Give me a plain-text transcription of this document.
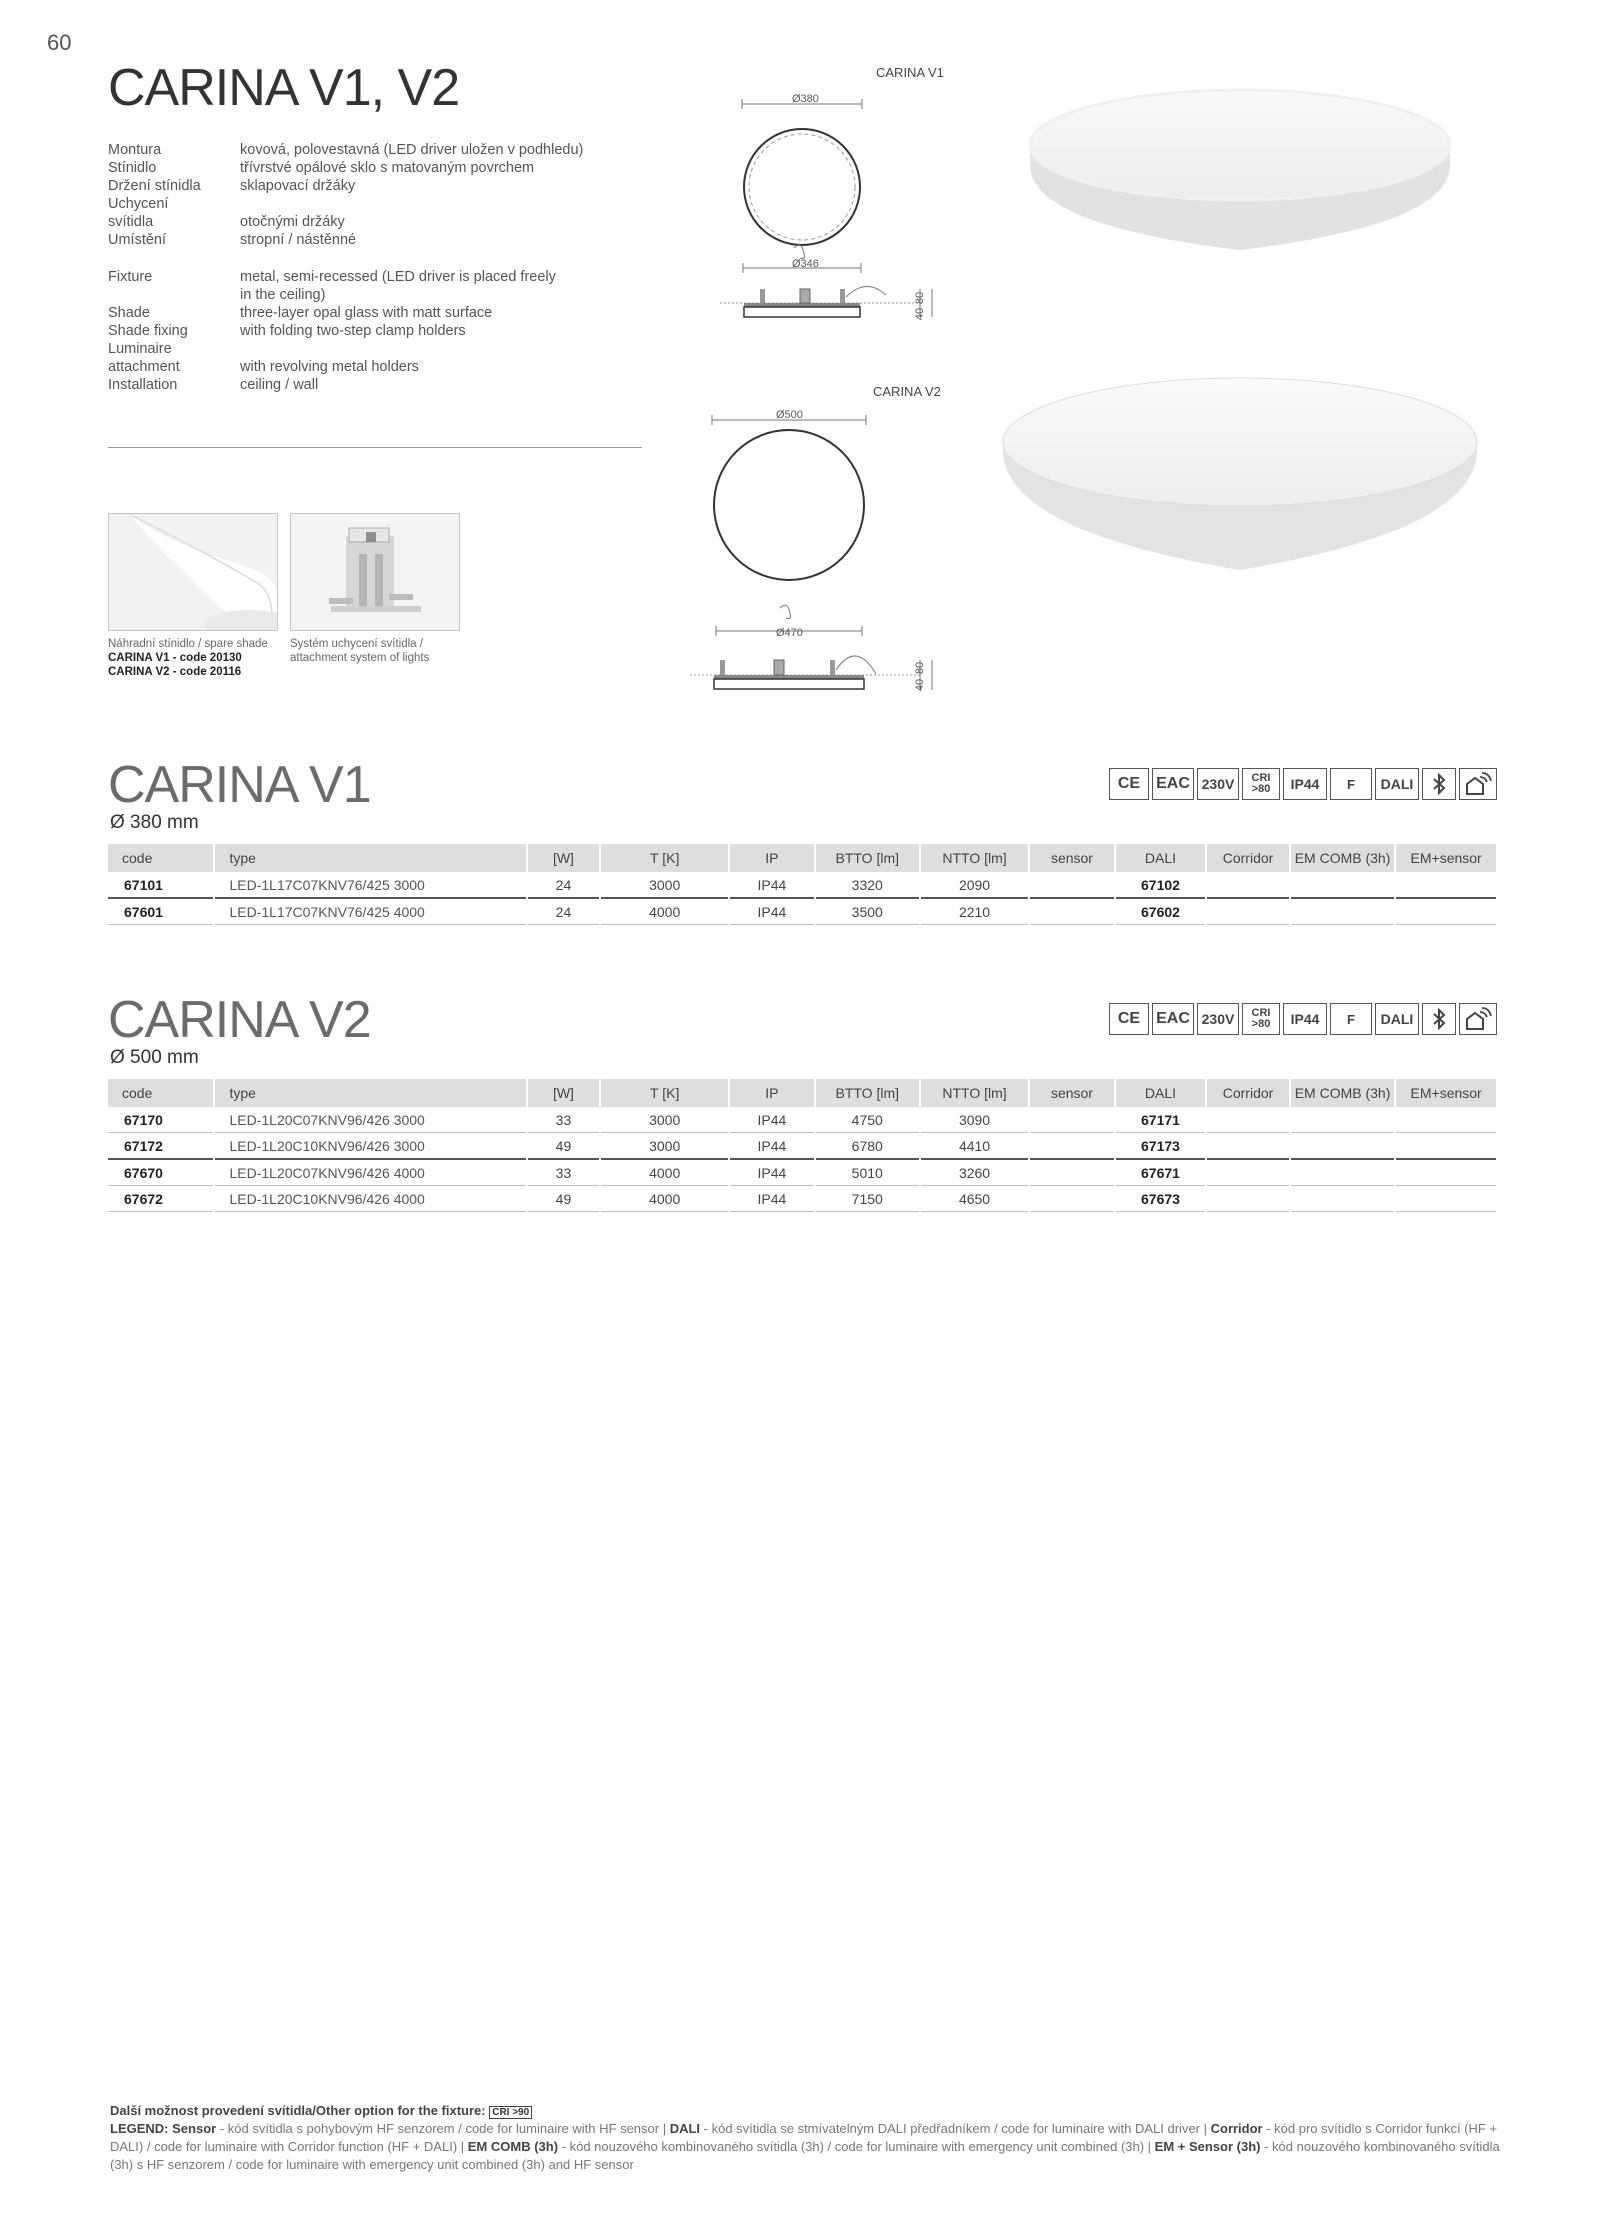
60
CARINA V1, V2
Montura	kovová, polovestavná (LED driver uložen v podhledu)
Stínidlo	třívrstvé opálové sklo s matovaným povrchem
Držení stínidla	sklapovací držáky
Uchycení
svítidla	otočnými držáky
Umístění	stropní / nástěnné
Fixture	metal, semi-recessed (LED driver is placed freely
in the ceiling)
Shade	three-layer opal glass with matt surface
Shade fixing	with folding two-step clamp holders
Luminaire
attachment	with revolving metal holders
Installation	ceiling / wall
Náhradní stínidlo / spare shade
CARINA V1 - code 20130
CARINA V2 - code 20116
Systém uchycení svítidla /
attachment system of lights
CARINA V1
Ø380
Ø346
40
80
CARINA V2
Ø500
Ø470
40
80
CARINA V1
Ø 380 mm
CE	EAC 230V	CRI
>80	IP44	F	DALI
code	type	[W]	T [K]	IP	BTTO [lm]	NTTO [lm]	sensor	DALI	Corridor	EM COMB (3h)	EM+sensor
67101	LED-1L17C07KNV76/425 3000	24	3000	IP44	3320	2090		67102			
67601	LED-1L17C07KNV76/425 4000	24	4000	IP44	3500	2210		67602			
CARINA V2
Ø 500 mm
CE	EAC 230V	CRI
>80	IP44	F	DALI
code	type	[W]	T [K]	IP	BTTO [lm]	NTTO [lm]	sensor	DALI	Corridor	EM COMB (3h)	EM+sensor
67170	LED-1L20C07KNV96/426 3000	33	3000	IP44	4750	3090		67171			
67172	LED-1L20C10KNV96/426 3000	49	3000	IP44	6780	4410		67173			
67670	LED-1L20C07KNV96/426 4000	33	4000	IP44	5010	3260		67671			
67672	LED-1L20C10KNV96/426 4000	49	4000	IP44	7150	4650		67673			
Další možnost provedení svítidla/Other option for the fixture: CRI >90
LEGEND: Sensor - kód svítidla s pohybovým HF senzorem / code for luminaire with HF sensor | DALI - kód svítidla se stmívatelným DALI předřadníkem / code for luminaire with DALI driver | Corridor - kód pro svítidlo s Corridor funkcí (HF + DALI) / code for luminaire with Corridor function (HF + DALI) | EM COMB (3h) - kód nouzového kombinovaného svítidla (3h) / code for luminaire with emergency unit combined (3h) | EM + Sensor (3h) - kód nouzového kombinovaného svítidla (3h) s HF senzorem / code for luminaire with emergency unit combined (3h) and HF sensor
